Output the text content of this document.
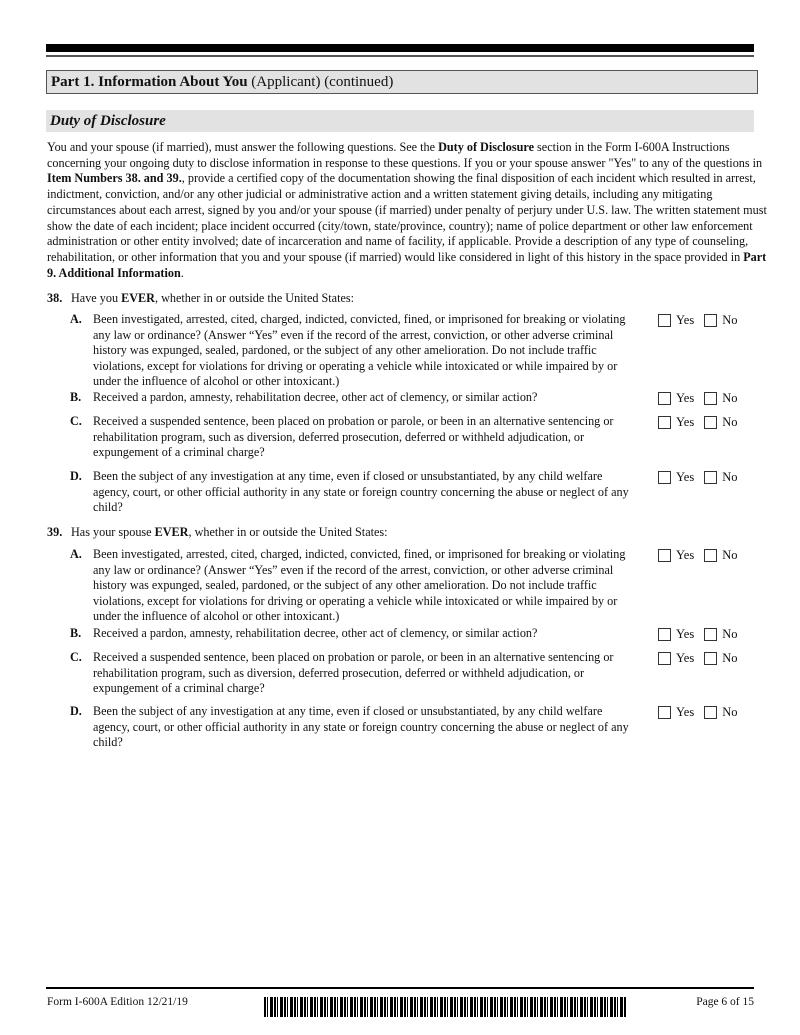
Part 1. Information About You (Applicant) (continued)
Duty of Disclosure
You and your spouse (if married), must answer the following questions. See the Duty of Disclosure section in the Form I-600A Instructions concerning your ongoing duty to disclose information in response to these questions. If you or your spouse answer "Yes" to any of the questions in Item Numbers 38. and 39., provide a certified copy of the documentation showing the final disposition of each incident which resulted in arrest, indictment, conviction, and/or any other judicial or administrative action and a written statement giving details, including any mitigating circumstances about each arrest, signed by you and/or your spouse (if married) under penalty of perjury under U.S. law. The written statement must show the date of each incident; place incident occurred (city/town, state/province, country); name of police department or other law enforcement administration or other entity involved; date of incarceration and name of facility, if applicable. Provide a description of any type of counseling, rehabilitation, or other information that you and your spouse (if married) would like considered in light of this history in the space provided in Part 9. Additional Information.
38. Have you EVER, whether in or outside the United States:
A. Been investigated, arrested, cited, charged, indicted, convicted, fined, or imprisoned for breaking or violating any law or ordinance? (Answer “Yes” even if the record of the arrest, conviction, or other adverse criminal history was expunged, sealed, pardoned, or the subject of any other amelioration. Do not include traffic violations, except for violations for driving or operating a vehicle while intoxicated or while impaired by or under the influence of alcohol or other intoxicant.)
Yes No
B. Received a pardon, amnesty, rehabilitation decree, other act of clemency, or similar action?	Yes No
C. Received a suspended sentence, been placed on probation or parole, or been in an alternative sentencing or rehabilitation program, such as diversion, deferred prosecution, deferred or withheld adjudication, or expungement of a criminal charge?
Yes No
D. Been the subject of any investigation at any time, even if closed or unsubstantiated, by any child welfare agency, court, or other official authority in any state or foreign country concerning the abuse or neglect of any child?
Yes No
39. Has your spouse EVER, whether in or outside the United States:
A. Been investigated, arrested, cited, charged, indicted, convicted, fined, or imprisoned for breaking or violating any law or ordinance? (Answer “Yes” even if the record of the arrest, conviction, or other adverse criminal history was expunged, sealed, pardoned, or the subject of any other amelioration. Do not include traffic violations, except for violations for driving or operating a vehicle while intoxicated or while impaired by or under the influence of alcohol or other intoxicant.)
Yes No
B. Received a pardon, amnesty, rehabilitation decree, other act of clemency, or similar action?	Yes No
C. Received a suspended sentence, been placed on probation or parole, or been in an alternative sentencing or rehabilitation program, such as diversion, deferred prosecution, deferred or withheld adjudication, or expungement of a criminal charge?
Yes No
D. Been the subject of any investigation at any time, even if closed or unsubstantiated, by any child welfare agency, court, or other official authority in any state or foreign country concerning the abuse or neglect of any child?
Yes No
Form I-600A Edition 12/21/19	Page 6 of 15
